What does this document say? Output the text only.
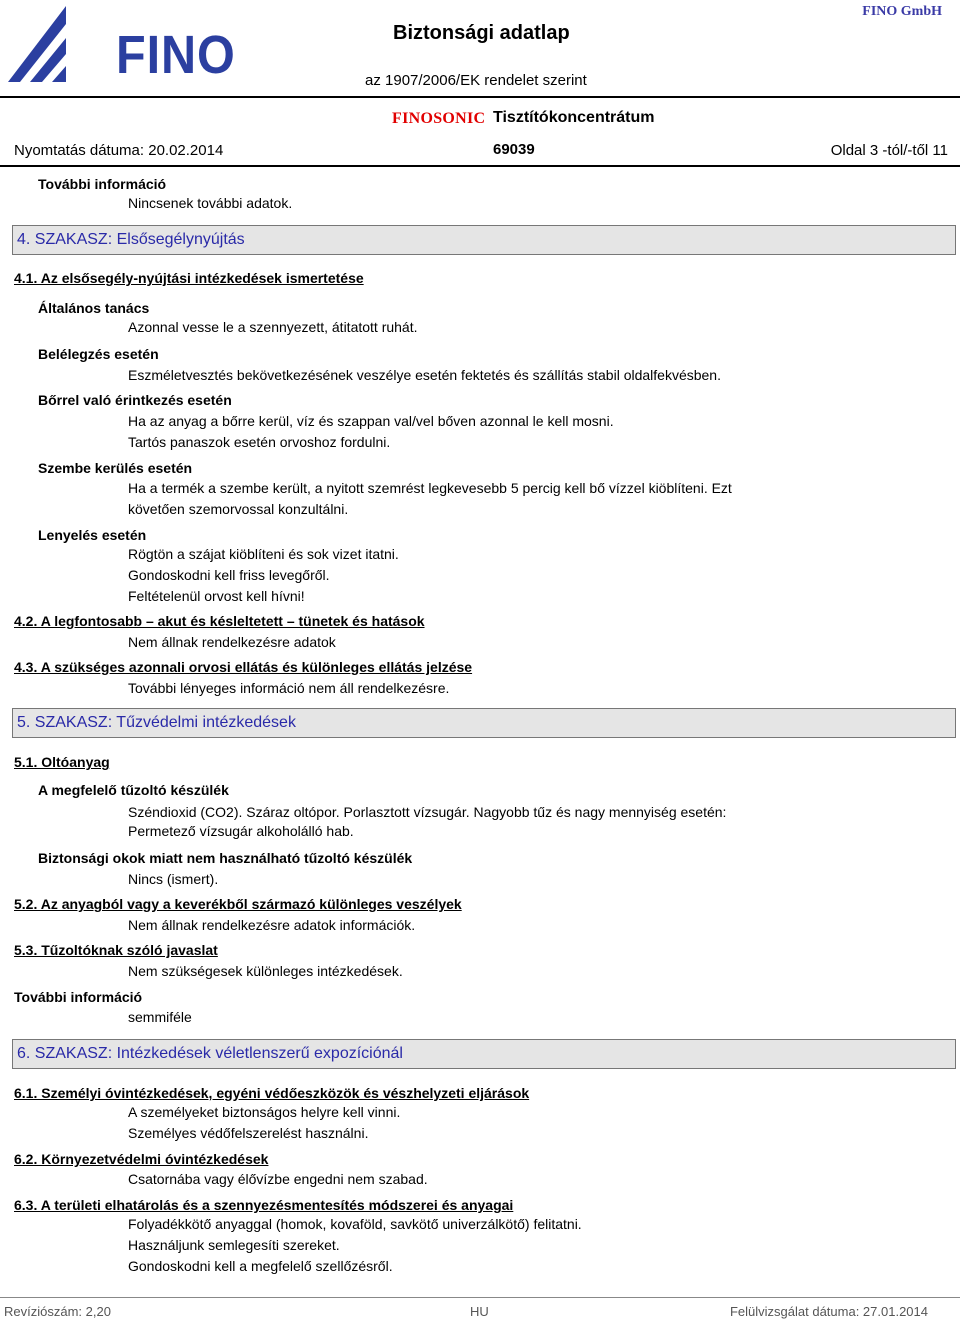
FINO	Biztonsági adatlap
az 1907/2006/EK rendelet szerint
FINO GmbH
FINOSONIC Tisztítókoncentrátum
Nyomtatás dátuma: 20.02.2014	69039	Oldal 3 -tól/-től 11
További információ
Nincsenek további adatok.
4. SZAKASZ: Elsősegélynyújtás
4.1. Az elsősegély-nyújtási intézkedések ismertetése
Általános tanács
Azonnal vesse le a szennyezett, átitatott ruhát.
Belélegzés esetén
Eszméletvesztés bekövetkezésének veszélye esetén fektetés és szállítás stabil oldalfekvésben.
Bőrrel való érintkezés esetén
Ha az anyag a bőrre kerül, víz és szappan val/vel bőven azonnal le kell mosni.
Tartós panaszok esetén orvoshoz fordulni.
Szembe kerülés esetén
Ha a termék a szembe került, a nyitott szemrést legkevesebb 5 percig kell bő vízzel kiöblíteni. Ezt
követően szemorvossal konzultálni.
Lenyelés esetén
Rögtön a szájat kiöblíteni és sok vizet itatni.
Gondoskodni kell friss levegőről.
Feltételenül orvost kell hívni!
4.2. A legfontosabb – akut és késleltetett – tünetek és hatások
Nem állnak rendelkezésre adatok
4.3. A szükséges azonnali orvosi ellátás és különleges ellátás jelzése
További lényeges információ nem áll rendelkezésre.
5. SZAKASZ: Tűzvédelmi intézkedések
5.1. Oltóanyag
A megfelelő tűzoltó készülék
Széndioxid (CO2). Száraz oltópor. Porlasztott vízsugár. Nagyobb tűz és nagy mennyiség esetén:
Permetező vízsugár alkoholálló hab.
Biztonsági okok miatt nem használható tűzoltó készülék
Nincs (ismert).
5.2. Az anyagból vagy a keverékből származó különleges veszélyek
Nem állnak rendelkezésre adatok információk.
5.3. Tűzoltóknak szóló javaslat
Nem szükségesek különleges intézkedések.
További információ
semmiféle
6. SZAKASZ: Intézkedések véletlenszerű expozíciónál
6.1. Személyi óvintézkedések, egyéni védőeszközök és vészhelyzeti eljárások
A személyeket biztonságos helyre kell vinni.
Személyes védőfelszerelést használni.
6.2. Környezetvédelmi óvintézkedések
Csatornába vagy élővízbe engedni nem szabad.
6.3. A területi elhatárolás és a szennyezésmentesítés módszerei és anyagai
Folyadékkötő anyaggal (homok, kovaföld, savkötő univerzálkötő) felitatni.
Használjunk semlegesíti szereket.
Gondoskodni kell a megfelelő szellőzésről.
Revíziószám: 2,20	HU	Felülvizsgálat dátuma: 27.01.2014
